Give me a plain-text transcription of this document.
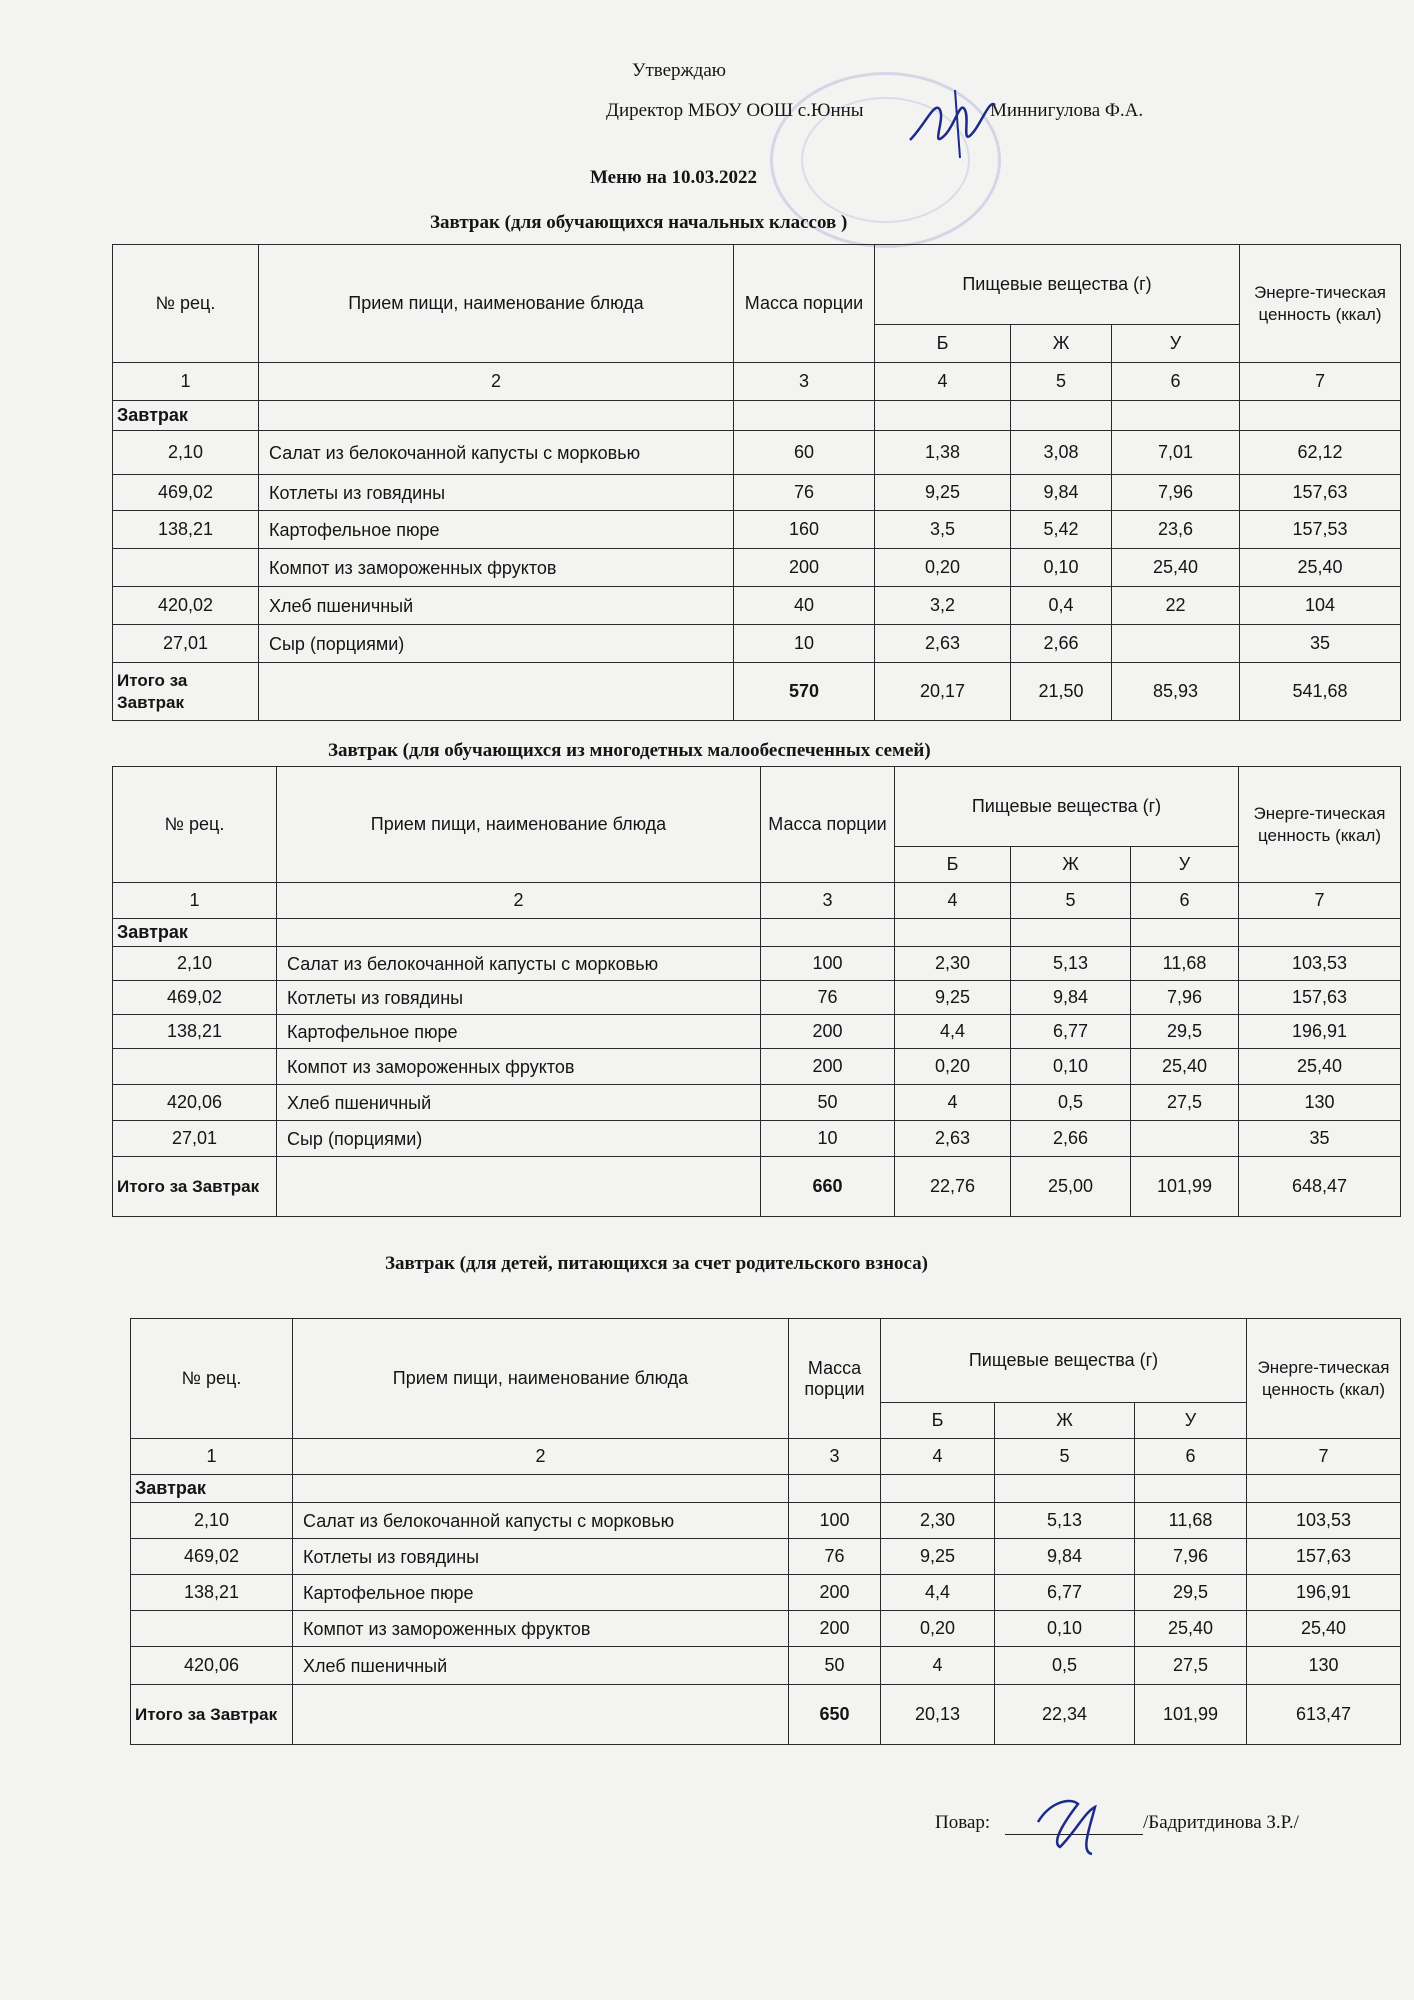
Утверждаю
Директор МБОУ ООШ с.Юнны	Миннигулова Ф.А.
Меню на 10.03.2022
Завтрак (для обучающихся начальных классов )
№ рец.	Прием пищи, наименование блюда	Масса порции	Пищевые вещества (г)			Энерге-тическая ценность (ккал)
			Б	Ж	У	
1	2	3	4	5	6	7
Завтрак						
2,10	Салат из белокочанной капусты с морковью	60	1,38	3,08	7,01	62,12
469,02	Котлеты из говядины	76	9,25	9,84	7,96	157,63
138,21	Картофельное пюре	160	3,5	5,42	23,6	157,53
	Компот из замороженных фруктов	200	0,20	0,10	25,40	25,40
420,02	Хлеб пшеничный	40	3,2	0,4	22	104
27,01	Сыр (порциями)	10	2,63	2,66		35
Итого за Завтрак		570	20,17	21,50	85,93	541,68
Завтрак (для обучающихся из многодетных малообеспеченных семей)
№ рец.	Прием пищи, наименование блюда	Масса порции	Пищевые вещества (г)			Энерге-тическая ценность (ккал)
			Б	Ж	У	
1	2	3	4	5	6	7
Завтрак						
2,10	Салат из белокочанной капусты с морковью	100	2,30	5,13	11,68	103,53
469,02	Котлеты из говядины	76	9,25	9,84	7,96	157,63
138,21	Картофельное пюре	200	4,4	6,77	29,5	196,91
	Компот из замороженных фруктов	200	0,20	0,10	25,40	25,40
420,06	Хлеб пшеничный	50	4	0,5	27,5	130
27,01	Сыр (порциями)	10	2,63	2,66		35
Итого за Завтрак		660	22,76	25,00	101,99	648,47
Завтрак (для детей, питающихся за счет родительского взноса)
№ рец.	Прием пищи, наименование блюда	Масса порции	Пищевые вещества (г)			Энерге-тическая ценность (ккал)
			Б	Ж	У	
1	2	3	4	5	6	7
Завтрак						
2,10	Салат из белокочанной капусты с морковью	100	2,30	5,13	11,68	103,53
469,02	Котлеты из говядины	76	9,25	9,84	7,96	157,63
138,21	Картофельное пюре	200	4,4	6,77	29,5	196,91
	Компот из замороженных фруктов	200	0,20	0,10	25,40	25,40
420,06	Хлеб пшеничный	50	4	0,5	27,5	130
Итого за Завтрак		650	20,13	22,34	101,99	613,47
Повар:	/Бадритдинова З.Р./
